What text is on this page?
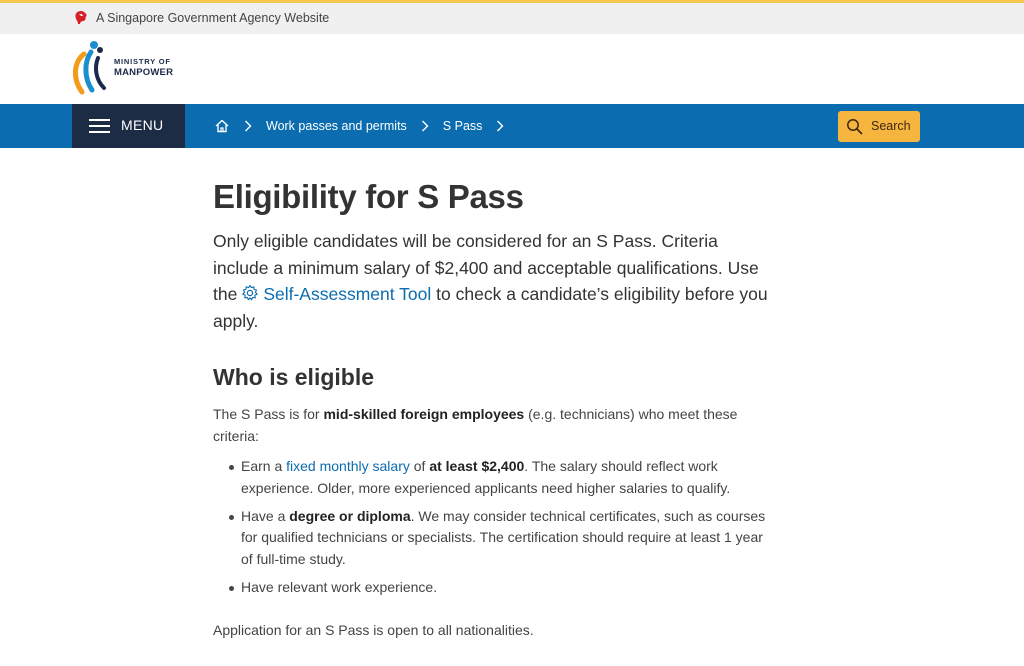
A Singapore Government Agency Website
MINISTRY OF
MANPOWER
MENU	Work passes and permits	S Pass	Search
Eligibility for S Pass

Only eligible candidates will be considered for an S Pass. Criteria include a minimum salary of $2,400 and acceptable qualifications. Use the Self-Assessment Tool to check a candidate’s eligibility before you apply.

Who is eligible

The S Pass is for mid-skilled foreign employees (e.g. technicians) who meet these criteria:

Earn a fixed monthly salary of at least $2,400. The salary should reflect work experience. Older, more experienced applicants need higher salaries to qualify.
Have a degree or diploma. We may consider technical certificates, such as courses for qualified technicians or specialists. The certification should require at least 1 year of full-time study.
Have relevant work experience.

Application for an S Pass is open to all nationalities.
